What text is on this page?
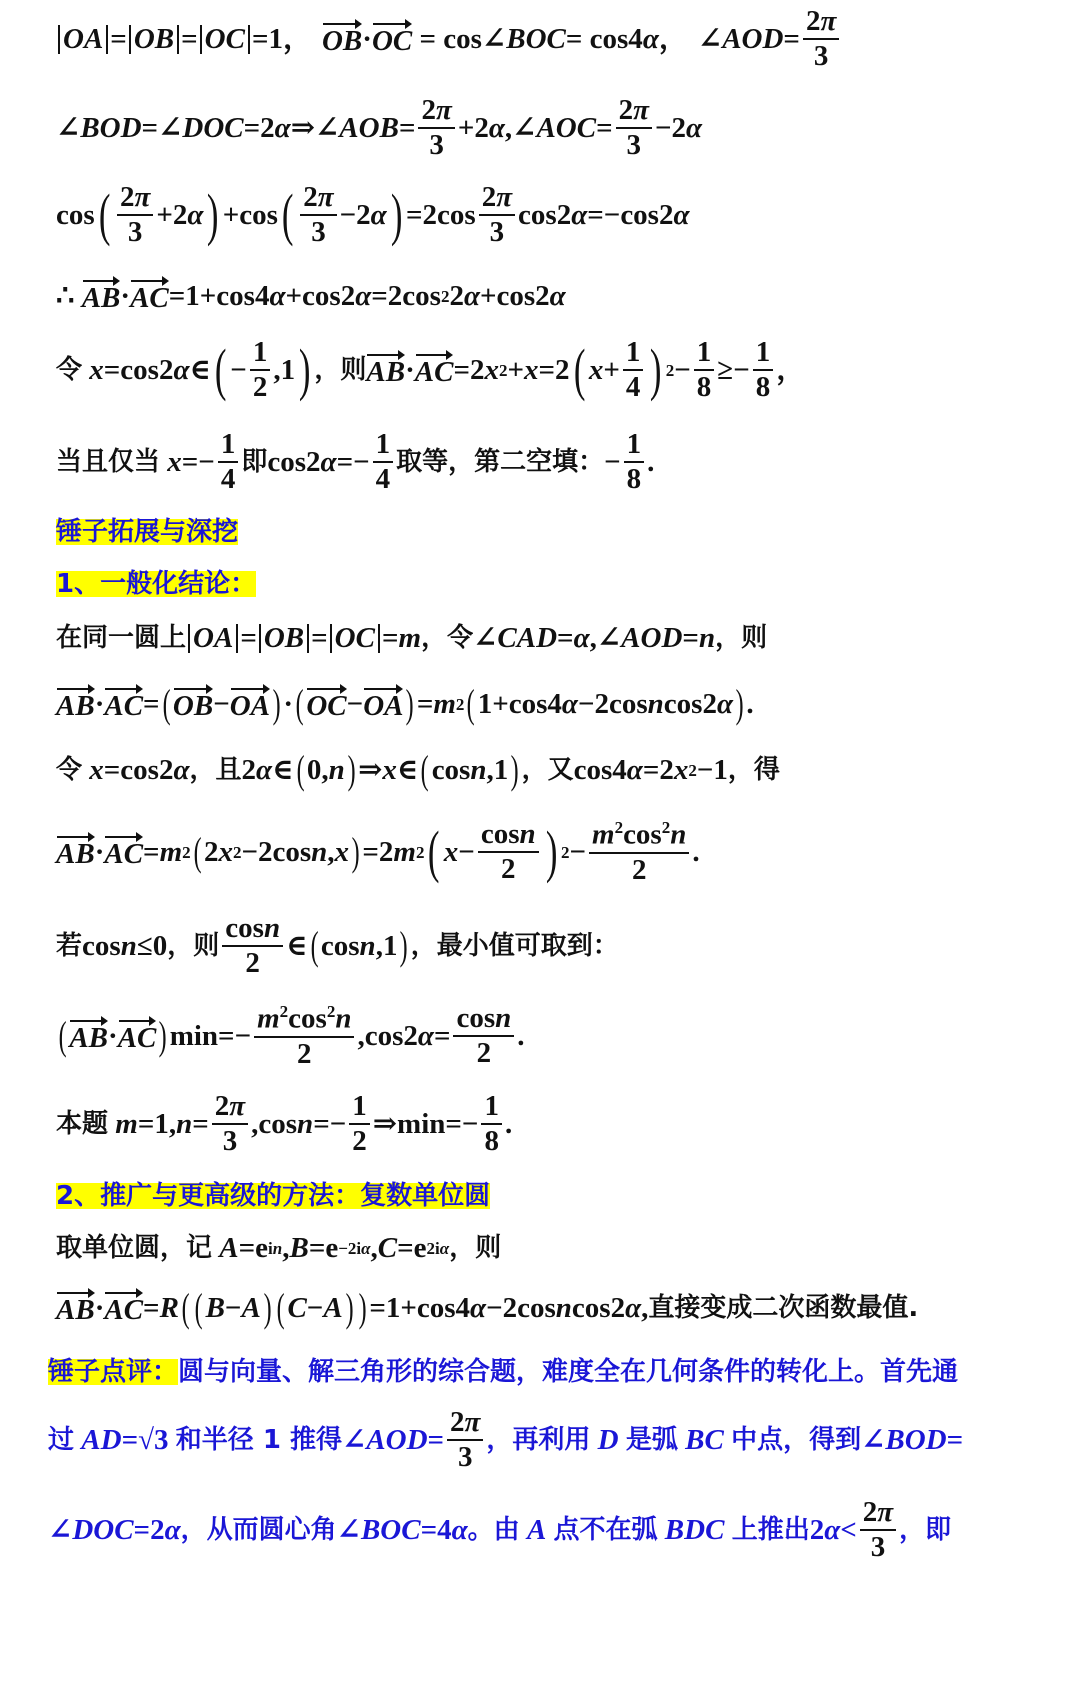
OA = OB = OC =1， OB · OC = cos∠ BOC = cos4 α ，
∠ AOD = $\frac{2\pi}{3}$
∠ BOD =∠ DOC =2 α ⇒∠ AOB = $\frac{2\pi}{3} +2$ α ,∠ AOC = $\frac{2\pi}{3} -2$ α
cos ( $\frac{2\pi}{3} +2$ α ) +cos ( $\frac{2\pi}{3} -2$ α ) $=2\cos \frac{2\pi}{3} \cos 2$ α =−cos2 α
∴ AB · AC =1+cos4 α +cos2 α =2cos 2 2 α +cos2 α
令
x =cos2 α ∈ ( − $\frac{1}{2} ,1$ ) ，则 AB · AC =2 x 2 + x =2 ( $x + \frac{1}{4}$ ) $2 - \frac{1}{8} \ge- \frac{1}{8}$ ，
当且仅当
$x =- \frac{1}{4}$ 即 cos2 $\alpha =- \frac{1}{4}$ 取等，第二空填： − $\frac{1}{8}$ .
锤子拓展与深挖
1、一般化结论：
在同一圆上 OA = OB = OC = m ，令 ∠ CAD = α ,∠ AOD = n ，则
AB · AC = ( OB − OA ) · ( OC − OA ) = m 2 ( 1+cos4 α −2cos n cos2 α ) .
令
x =cos2 α ，且 2 α ∈ ( 0, n ) ⇒ x ∈ ( cos n ,1 ) ，又 cos4 α =2 x 2 −1 ，得
AB · AC = m 2 ( 2 x 2 −2cos n , x ) =2 m 2 ( $x - \frac{\cos n}{2}$ ) $2 - \frac{m^2\cos^2n}{2}$ .
若 cos n ≤0 ，则 $\frac{\cos n}{2}$ ∈ ( cos n ,1 ) ，最小值可取到：
( AB · AC ) $\min=- \frac{m^2\cos^2n}{2} ,\cos 2$ $\alpha = \frac{\cos n}{2}$ .
本题
m =1, $n = \frac{2\pi}{3} ,\cos$ $n =- \frac{1}{2}$ ⇒min=− $\frac{1}{8}$ .
2、推广与更高级的方法：复数单位圆
取单位圆，记
A =e in , B =e −2iα , C =e 2iα ，则
AB · AC = R ( ( B − A ) ( C − A ) ) =1+cos4 α −2cos n cos2 α , 直接变成二次函数最值.
锤子点评： 圆与向量、解三角形的综合题，难度全在几何条件的转化上。首先通
过
AD =√3 和半径 1 推得 ∠ AOD = $\frac{2\pi}{3}$ ，再利用
D
是弧
BC
中点，得到 ∠ BOD =
∠ DOC =2 α ，从而圆心角 ∠ BOC =4 α 。由
A
点不在弧
BDC
上推出 2 $\alpha < \frac{2\pi}{3}$ ，即
